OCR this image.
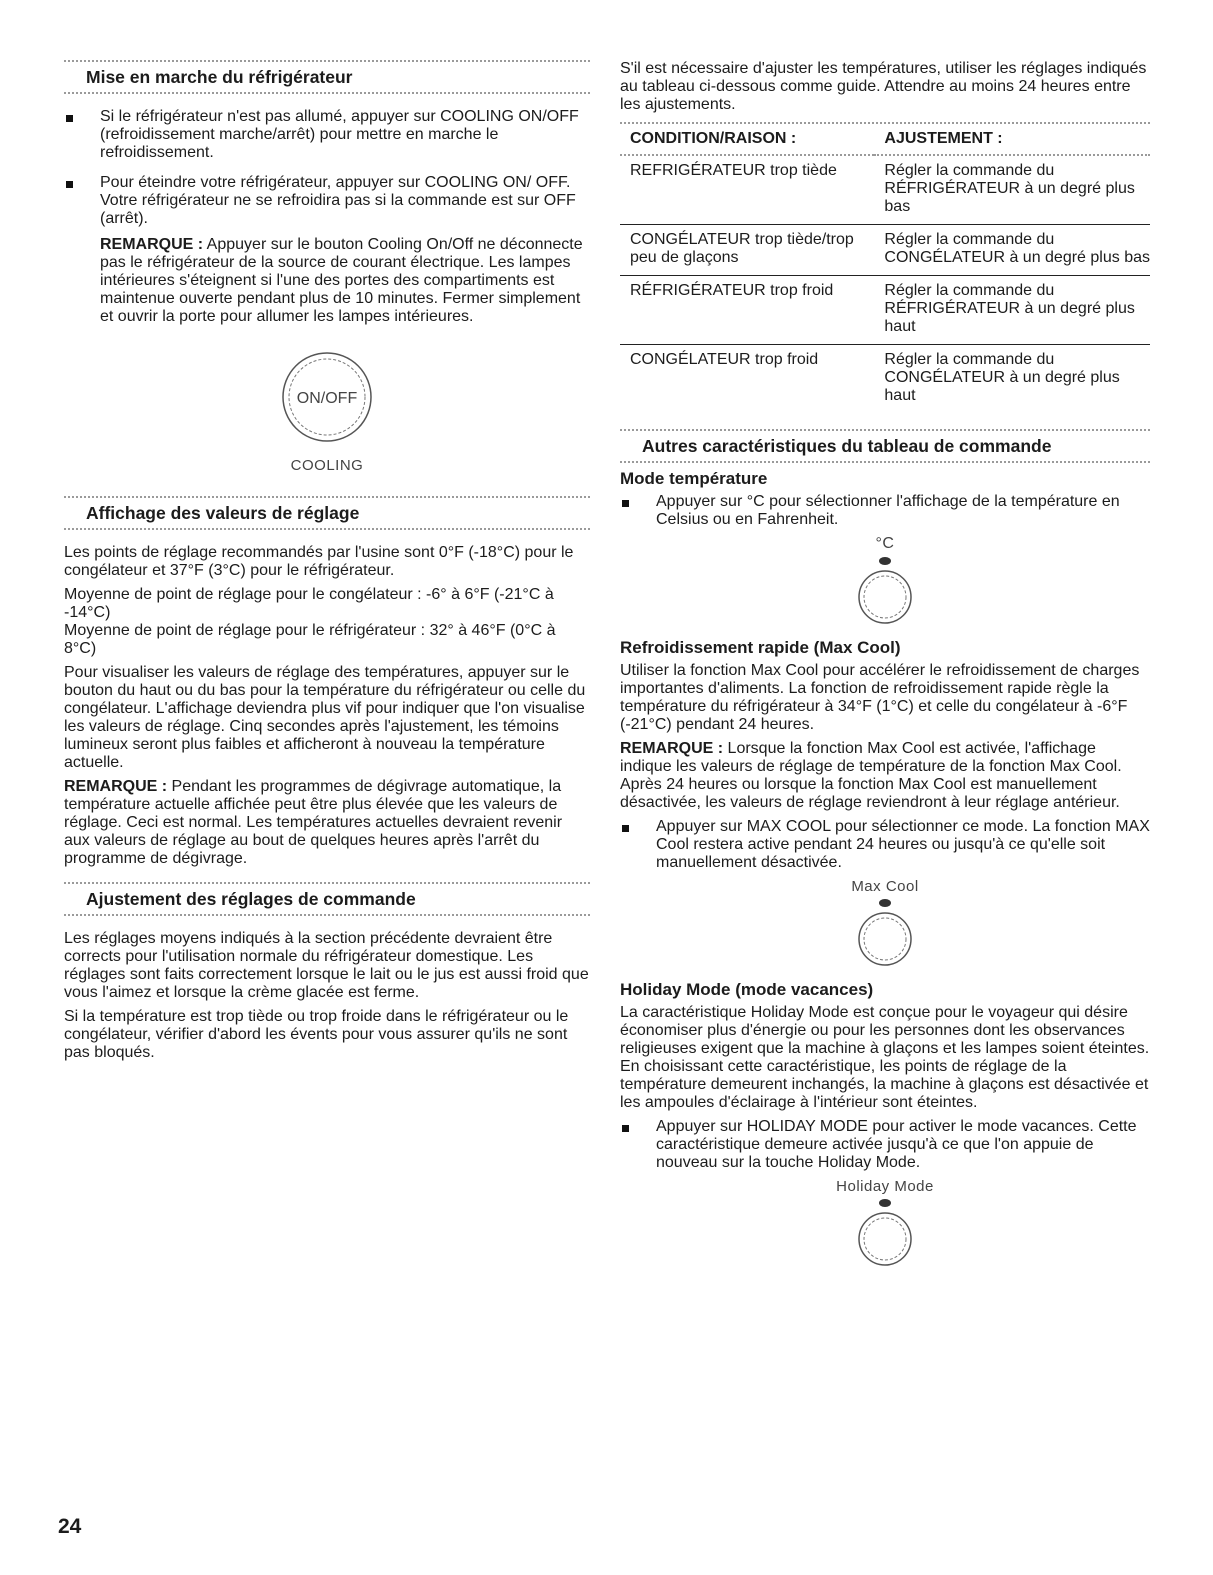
Mise en marche du réfrigérateur
Si le réfrigérateur n'est pas allumé, appuyer sur COOLING ON/OFF (refroidissement marche/arrêt) pour mettre en marche le refroidissement.
Pour éteindre votre réfrigérateur, appuyer sur COOLING ON/ OFF. Votre réfrigérateur ne se refroidira pas si la commande est sur OFF (arrêt).

REMARQUE : Appuyer sur le bouton Cooling On/Off ne déconnecte pas le réfrigérateur de la source de courant électrique. Les lampes intérieures s'éteignent si l'une des portes des compartiments est maintenue ouverte pendant plus de 10 minutes. Fermer simplement et ouvrir la porte pour allumer les lampes intérieures.

ON/OFF
COOLING
Affichage des valeurs de réglage

Les points de réglage recommandés par l'usine sont 0°F (-18°C) pour le congélateur et 37°F (3°C) pour le réfrigérateur.

Moyenne de point de réglage pour le congélateur : -6° à 6°F (-21°C à -14°C)

Moyenne de point de réglage pour le réfrigérateur : 32° à 46°F (0°C à 8°C)

Pour visualiser les valeurs de réglage des températures, appuyer sur le bouton du haut ou du bas pour la température du réfrigérateur ou celle du congélateur. L'affichage deviendra plus vif pour indiquer que l'on visualise les valeurs de réglage. Cinq secondes après l'ajustement, les témoins lumineux seront plus faibles et afficheront à nouveau la température actuelle.

REMARQUE : Pendant les programmes de dégivrage automatique, la température actuelle affichée peut être plus élevée que les valeurs de réglage. Ceci est normal. Les températures actuelles devraient revenir aux valeurs de réglage au bout de quelques heures après l'arrêt du programme de dégivrage.

Ajustement des réglages de commande

Les réglages moyens indiqués à la section précédente devraient être corrects pour l'utilisation normale du réfrigérateur domestique. Les réglages sont faits correctement lorsque le lait ou le jus est aussi froid que vous l'aimez et lorsque la crème glacée est ferme.

Si la température est trop tiède ou trop froide dans le réfrigérateur ou le congélateur, vérifier d'abord les évents pour vous assurer qu'ils ne sont pas bloqués.

S'il est nécessaire d'ajuster les températures, utiliser les réglages indiqués au tableau ci-dessous comme guide. Attendre au moins 24 heures entre les ajustements.

CONDITION/RAISON :	AJUSTEMENT :
REFRIGÉRATEUR trop tiède	Régler la commande du RÉFRIGÉRATEUR à un degré plus bas
CONGÉLATEUR trop tiède/trop peu de glaçons	Régler la commande du CONGÉLATEUR à un degré plus bas
RÉFRIGÉRATEUR trop froid	Régler la commande du RÉFRIGÉRATEUR à un degré plus haut
CONGÉLATEUR trop froid	Régler la commande du CONGÉLATEUR à un degré plus haut
Autres caractéristiques du tableau de commande
Mode température
Appuyer sur °C pour sélectionner l'affichage de la température en Celsius ou en Fahrenheit.
°C
Refroidissement rapide (Max Cool)

Utiliser la fonction Max Cool pour accélérer le refroidissement de charges importantes d'aliments. La fonction de refroidissement rapide règle la température du réfrigérateur à 34°F (1°C) et celle du congélateur à -6°F (-21°C) pendant 24 heures.

REMARQUE : Lorsque la fonction Max Cool est activée, l'affichage indique les valeurs de réglage de température de la fonction Max Cool. Après 24 heures ou lorsque la fonction Max Cool est manuellement désactivée, les valeurs de réglage reviendront à leur réglage antérieur.

Appuyer sur MAX COOL pour sélectionner ce mode. La fonction MAX Cool restera active pendant 24 heures ou jusqu'à ce qu'elle soit manuellement désactivée.
Max Cool
Holiday Mode (mode vacances)

La caractéristique Holiday Mode est conçue pour le voyageur qui désire économiser plus d'énergie ou pour les personnes dont les observances religieuses exigent que la machine à glaçons et les lampes soient éteintes. En choisissant cette caractéristique, les points de réglage de la température demeurent inchangés, la machine à glaçons est désactivée et les ampoules d'éclairage à l'intérieur sont éteintes.

Appuyer sur HOLIDAY MODE pour activer le mode vacances. Cette caractéristique demeure activée jusqu'à ce que l'on appuie de nouveau sur la touche Holiday Mode.
Holiday Mode
24
